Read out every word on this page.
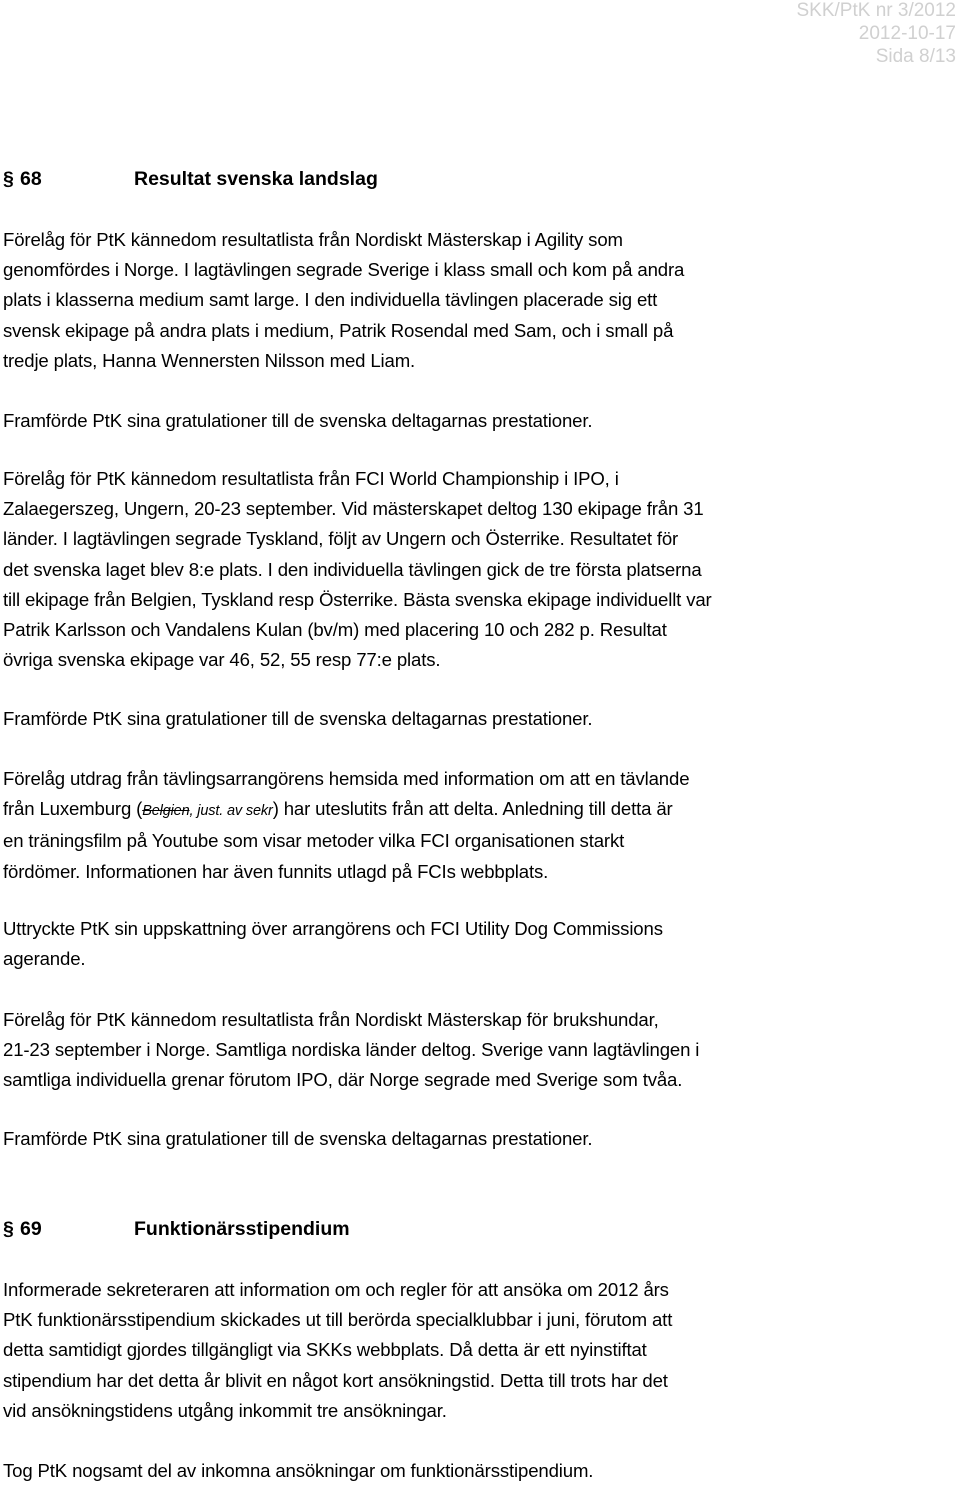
SKK/PtK nr 3/2012
2012-10-17
Sida 8/13
§ 68	Resultat svenska landslag
Förelåg för PtK kännedom resultatlista från Nordiskt Mästerskap i Agility som
genomfördes i Norge. I lagtävlingen segrade Sverige i klass small och kom på andra
plats i klasserna medium samt large. I den individuella tävlingen placerade sig ett
svensk ekipage på andra plats i medium, Patrik Rosendal med Sam, och i small på
tredje plats, Hanna Wennersten Nilsson med Liam.
Framförde PtK sina gratulationer till de svenska deltagarnas prestationer.
Förelåg för PtK kännedom resultatlista från FCI World Championship i IPO, i
Zalaegerszeg, Ungern, 20-23 september. Vid mästerskapet deltog 130 ekipage från 31
länder. I lagtävlingen segrade Tyskland, följt av Ungern och Österrike. Resultatet för
det svenska laget blev 8:e plats. I den individuella tävlingen gick de tre första platserna
till ekipage från Belgien, Tyskland resp Österrike. Bästa svenska ekipage individuellt var
Patrik Karlsson och Vandalens Kulan (bv/m) med placering 10 och 282 p. Resultat
övriga svenska ekipage var 46, 52, 55 resp 77:e plats.
Framförde PtK sina gratulationer till de svenska deltagarnas prestationer.
Förelåg utdrag från tävlingsarrangörens hemsida med information om att en tävlande
från Luxemburg (Belgien, just. av sekr) har uteslutits från att delta. Anledning till detta är
en träningsfilm på Youtube som visar metoder vilka FCI organisationen starkt
fördömer. Informationen har även funnits utlagd på FCIs webbplats.
Uttryckte PtK sin uppskattning över arrangörens och FCI Utility Dog Commissions
agerande.
Förelåg för PtK kännedom resultatlista från Nordiskt Mästerskap för brukshundar,
21-23 september i Norge. Samtliga nordiska länder deltog. Sverige vann lagtävlingen i
samtliga individuella grenar förutom IPO, där Norge segrade med Sverige som tvåa.
Framförde PtK sina gratulationer till de svenska deltagarnas prestationer.
§ 69	Funktionärsstipendium
Informerade sekreteraren att information om och regler för att ansöka om 2012 års
PtK funktionärsstipendium skickades ut till berörda specialklubbar i juni, förutom att
detta samtidigt gjordes tillgängligt via SKKs webbplats. Då detta är ett nyinstiftat
stipendium har det detta år blivit en något kort ansökningstid. Detta till trots har det
vid ansökningstidens utgång inkommit tre ansökningar.
Tog PtK nogsamt del av inkomna ansökningar om funktionärsstipendium.
